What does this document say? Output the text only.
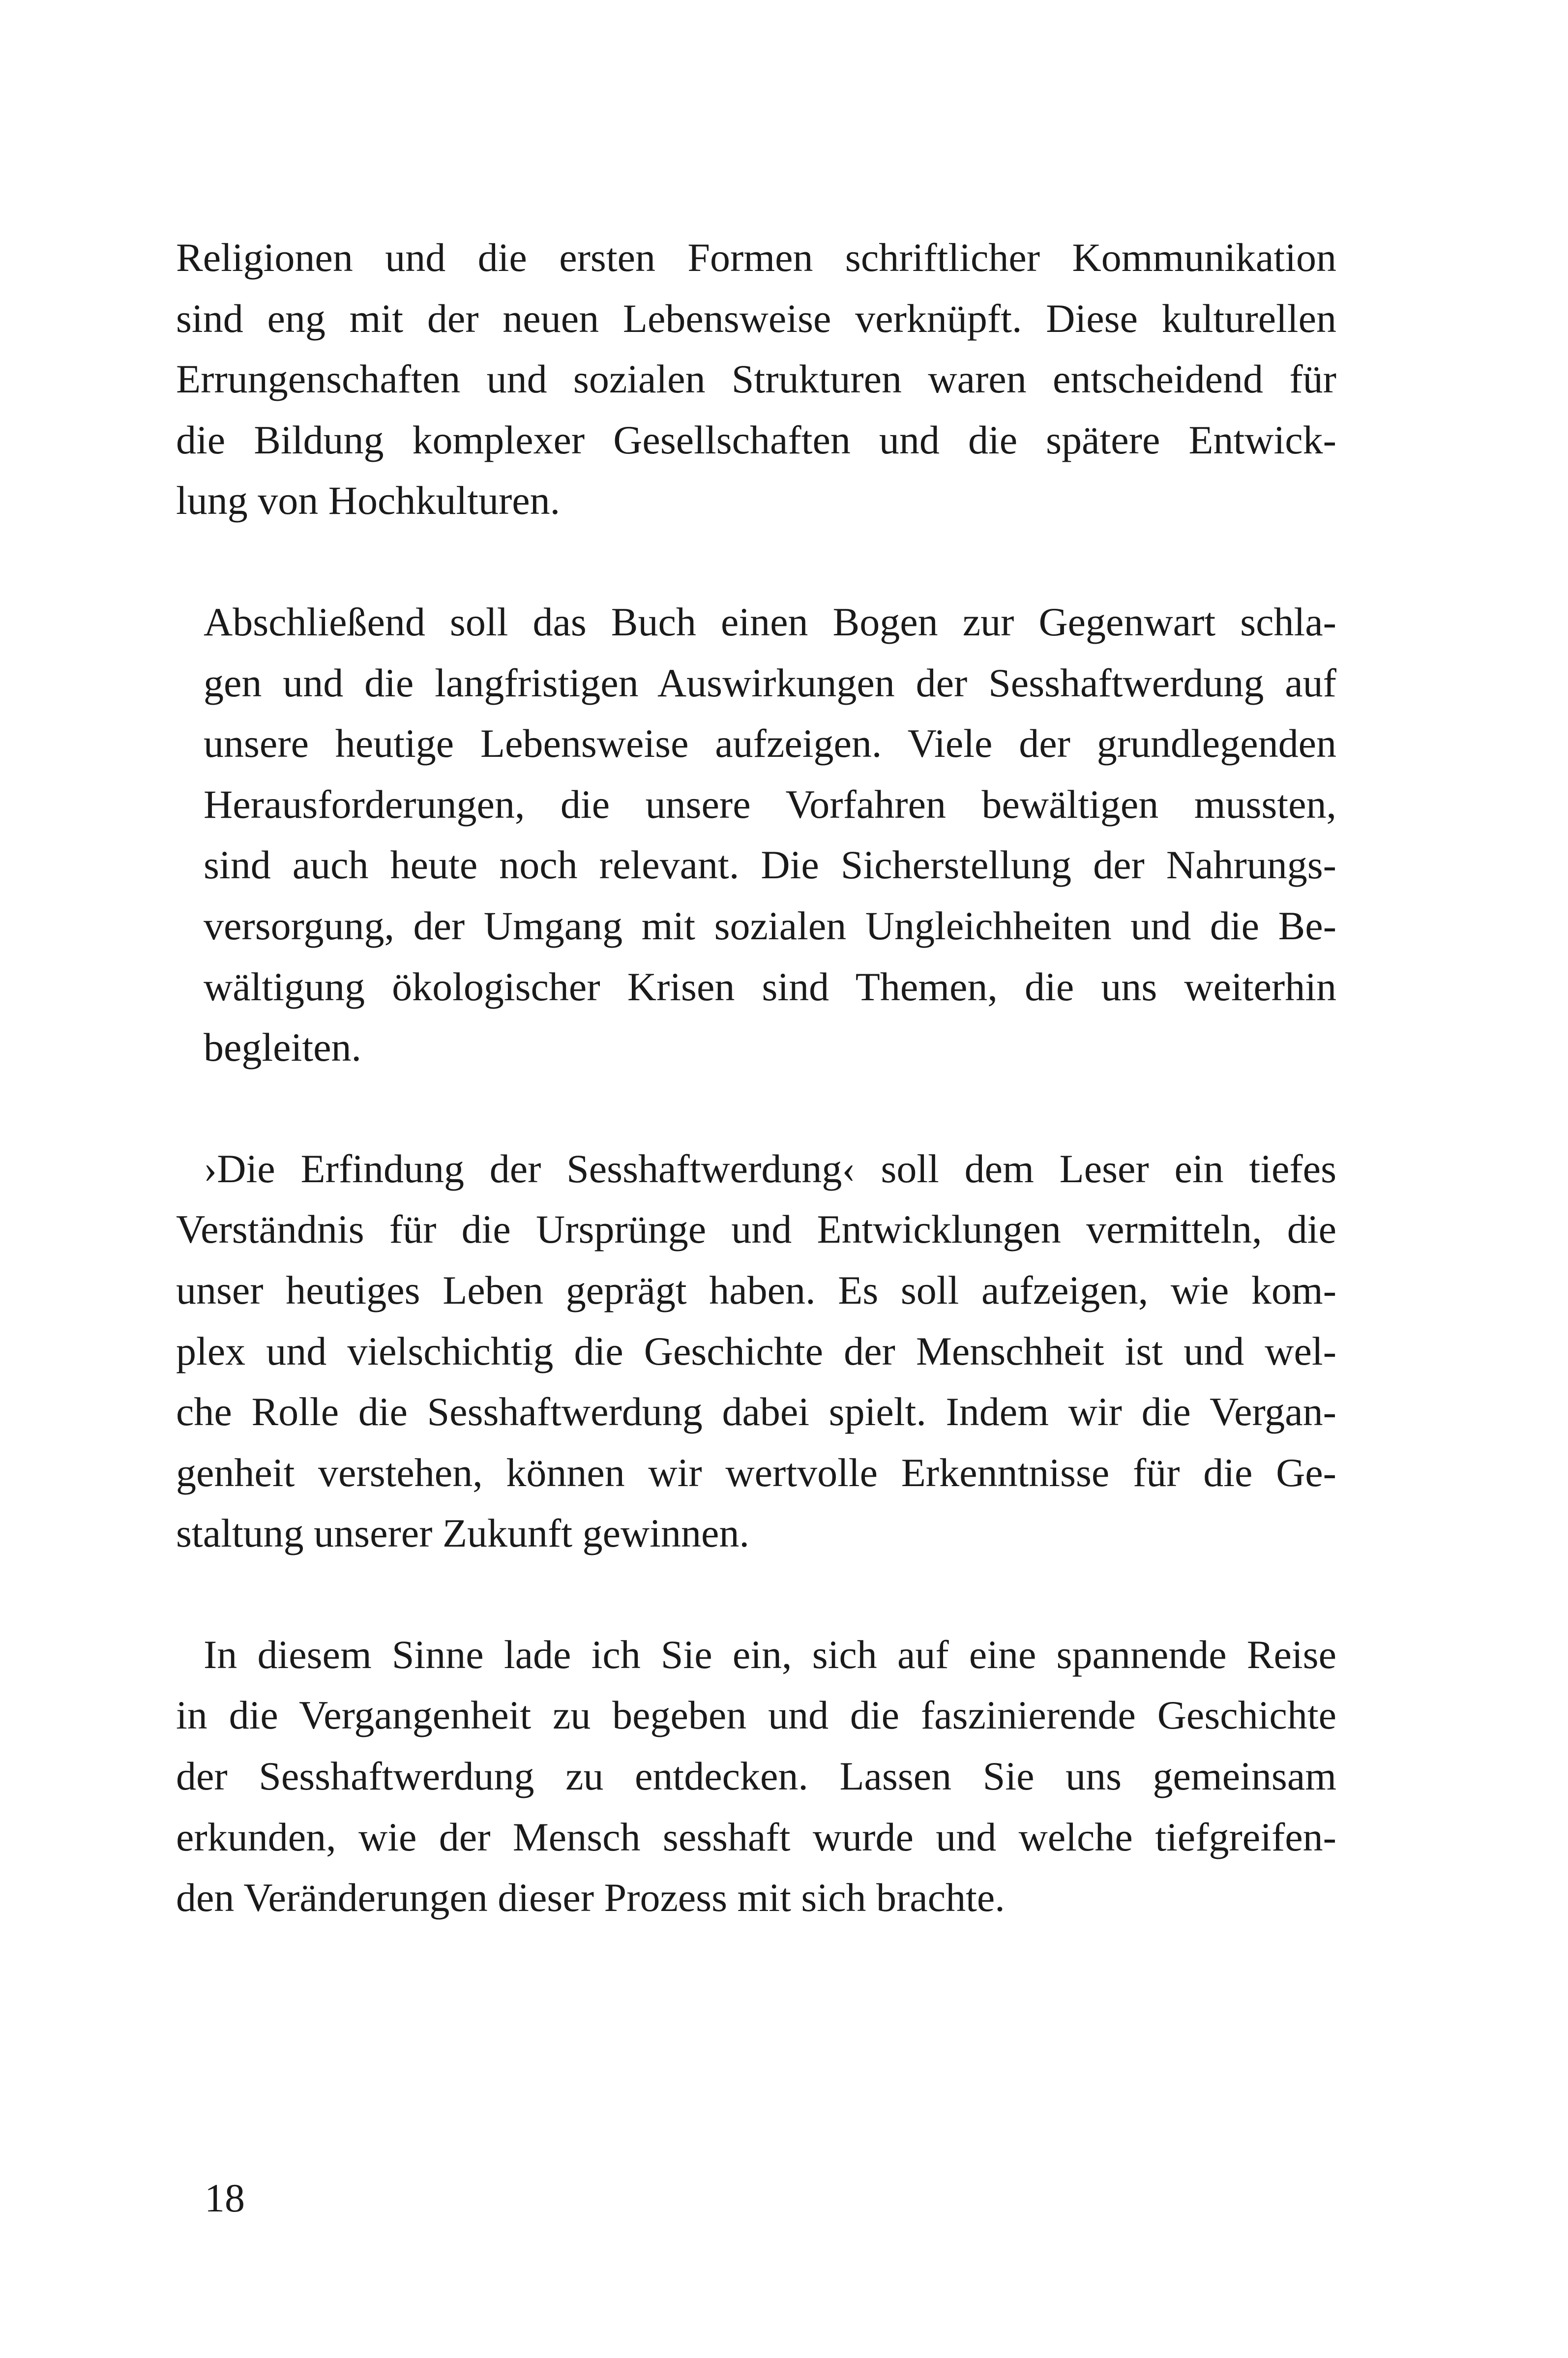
Religionen und die ersten Formen schriftlicher Kommunikation
sind eng mit der neuen Lebensweise verknüpft. Diese kulturellen
Errungenschaften und sozialen Strukturen waren entscheidend für
die Bildung komplexer Gesellschaften und die spätere Entwick-
lung von Hochkulturen.

Abschließend soll das Buch einen Bogen zur Gegenwart schla-
gen und die langfristigen Auswirkungen der Sesshaftwerdung auf
unsere heutige Lebensweise aufzeigen. Viele der grundlegenden
Herausforderungen, die unsere Vorfahren bewältigen mussten,
sind auch heute noch relevant. Die Sicherstellung der Nahrungs-
versorgung, der Umgang mit sozialen Ungleichheiten und die Be-
wältigung ökologischer Krisen sind Themen, die uns weiterhin
begleiten.

›Die Erfindung der Sesshaftwerdung‹ soll dem Leser ein tiefes
Verständnis für die Ursprünge und Entwicklungen vermitteln, die
unser heutiges Leben geprägt haben. Es soll aufzeigen, wie kom-
plex und vielschichtig die Geschichte der Menschheit ist und wel-
che Rolle die Sesshaftwerdung dabei spielt. Indem wir die Vergan-
genheit verstehen, können wir wertvolle Erkenntnisse für die Ge-
staltung unserer Zukunft gewinnen.

In diesem Sinne lade ich Sie ein, sich auf eine spannende Reise
in die Vergangenheit zu begeben und die faszinierende Geschichte
der Sesshaftwerdung zu entdecken. Lassen Sie uns gemeinsam
erkunden, wie der Mensch sesshaft wurde und welche tiefgreifen-
den Veränderungen dieser Prozess mit sich brachte.

18
